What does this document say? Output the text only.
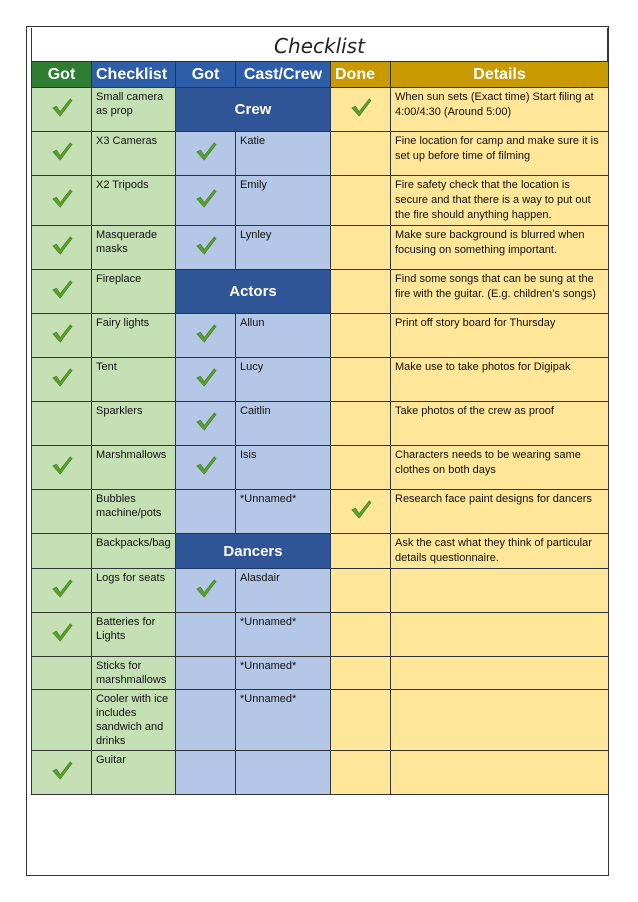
Checklist
Got	Checklist	Got	Cast/Crew	Done	Details
	Small camera as prop	Crew			When sun sets (Exact time) Start filing at 4:00/4:30 (Around 5:00)
	X3 Cameras		Katie		Fine location for camp and make sure it is set up before time of filming
	X2 Tripods		Emily		Fire safety check that the location is secure and that there is a way to put out the fire should anything happen.
	Masquerade masks		Lynley		Make sure background is blurred when focusing on something important.
	Fireplace	Actors			Find some songs that can be sung at the fire with the guitar. (E.g. children’s songs)
	Fairy lights		Allun		Print off story board for Thursday
	Tent		Lucy		Make use to take photos for Digipak
	Sparklers		Caitlin		Take photos of the crew as proof
	Marshmallows		Isis		Characters needs to be wearing same clothes on both days
	Bubbles machine/pots		*Unnamed*		Research face paint designs for dancers
	Backpacks/bag	Dancers			Ask the cast what they think of particular details questionnaire.
	Logs for seats		Alasdair		
	Batteries for Lights		*Unnamed*		
	Sticks for marshmallows		*Unnamed*		
	Cooler with ice includes sandwich and drinks		*Unnamed*		
	Guitar				
